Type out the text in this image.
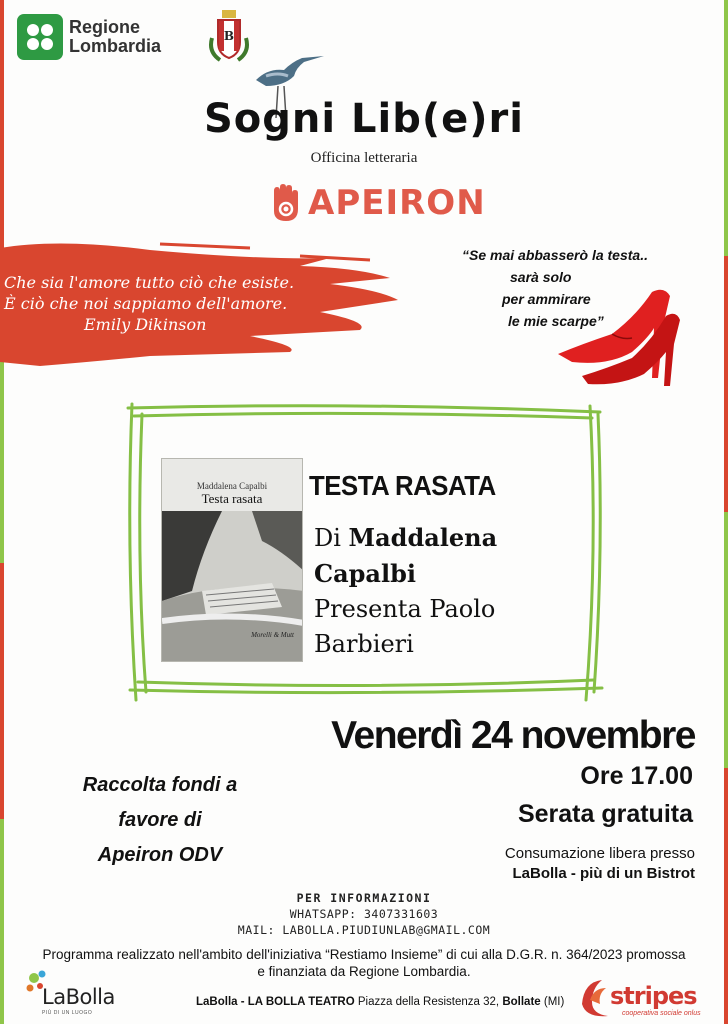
Regione
Lombardia	B
Sogni Lib(e)ri
Officina letteraria
APEIRON
Che sia l'amore tutto ciò che esiste.
È ciò che noi sappiamo dell'amore.
Emily Dikinson
“Se mai abbasserò la testa..
sarà solo
per ammirare
le mie scarpe”
Maddalena Capalbi
Testa rasata
Morelli & Mutt
TESTA RASATA
Di Maddalena
Capalbi
Presenta Paolo
Barbieri
Venerdì 24 novembre
Ore 17.00
Serata gratuita
Consumazione libera presso
LaBolla - più di un Bistrot
Raccolta fondi a
favore di
Apeiron ODV
PER INFORMAZIONI
WHATSAPP: 3407331603
MAIL: LABOLLA.PIUDIUNLAB@GMAIL.COM
Programma realizzato nell'ambito dell'iniziativa “Restiamo Insieme” di cui alla D.G.R. n. 364/2023 promossa
e finanziata da Regione Lombardia.
LaBolla
PIÙ DI UN LUOGO
LaBolla - LA BOLLA TEATRO Piazza della Resistenza 32, Bollate (MI) stripes
cooperativa sociale onlus
